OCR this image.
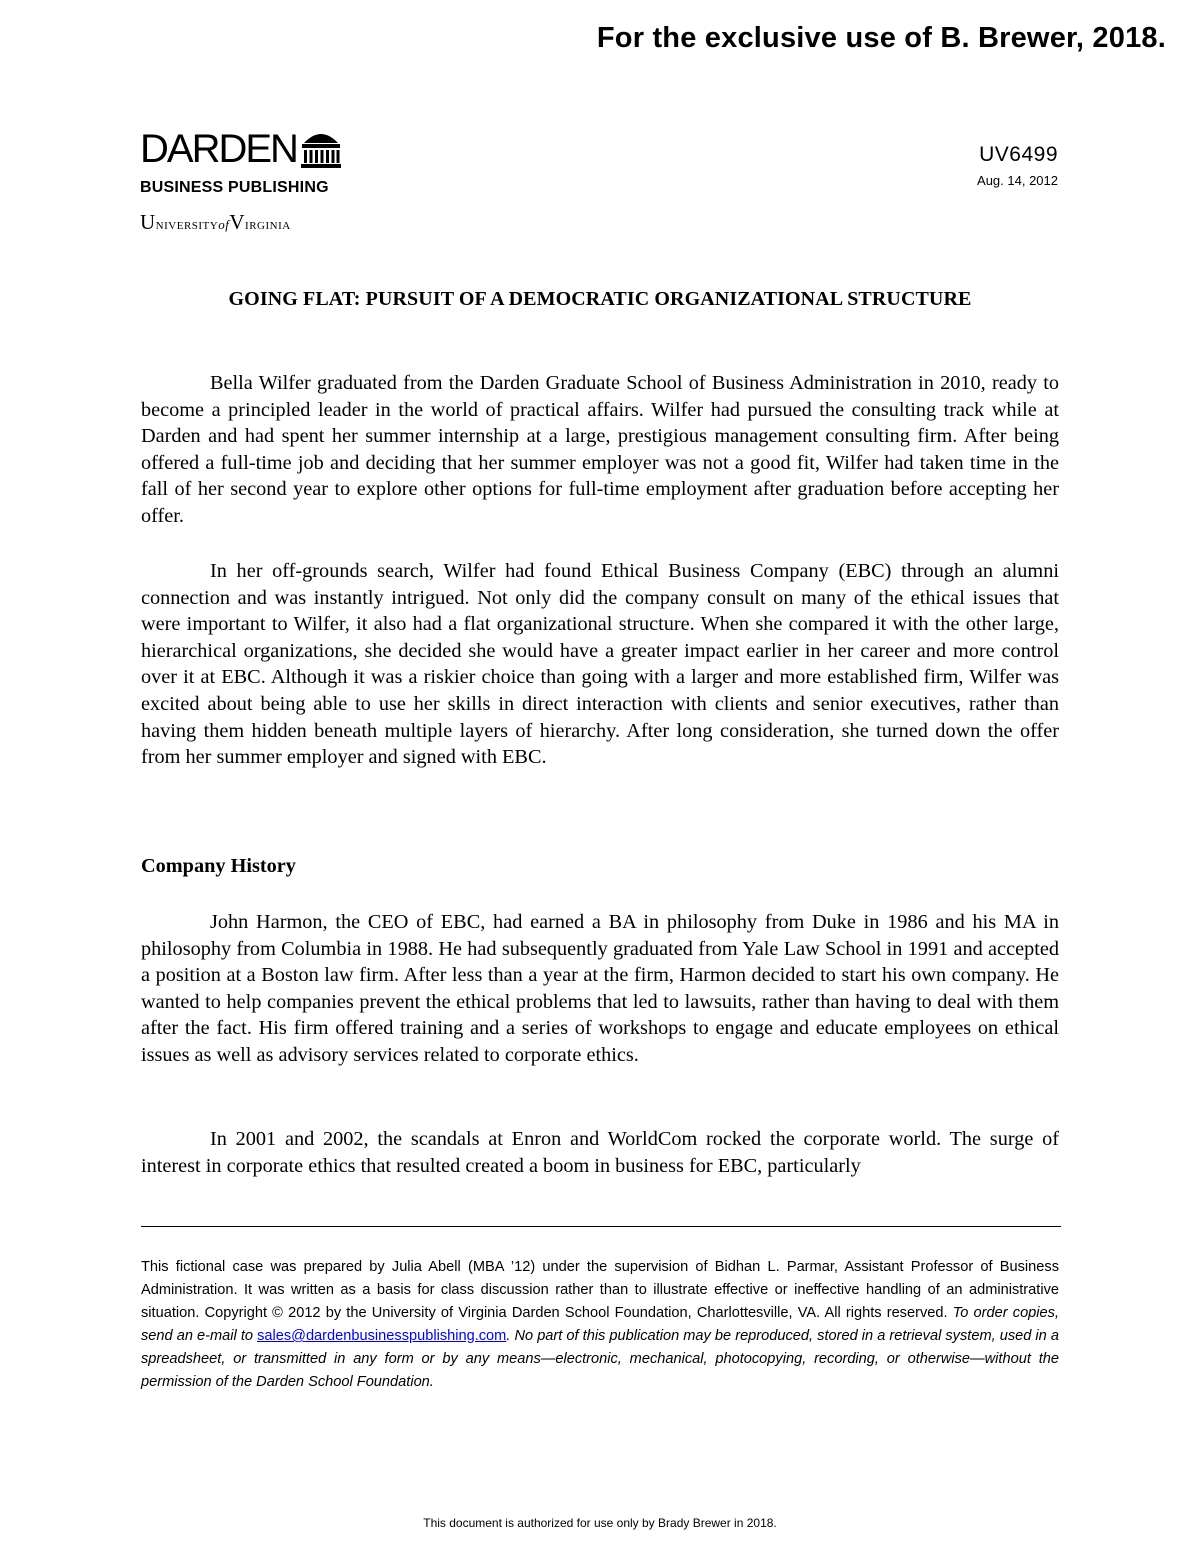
For the exclusive use of B. Brewer, 2018.
DARDEN
BUSINESS PUBLISHING
UniversityofVirginia
UV6499
Aug. 14, 2012
GOING FLAT: PURSUIT OF A DEMOCRATIC ORGANIZATIONAL STRUCTURE

Bella Wilfer graduated from the Darden Graduate School of Business Administration in 2010, ready to become a principled leader in the world of practical affairs. Wilfer had pursued the consulting track while at Darden and had spent her summer internship at a large, prestigious management consulting firm. After being offered a full-time job and deciding that her summer employer was not a good fit, Wilfer had taken time in the fall of her second year to explore other options for full-time employment after graduation before accepting her offer.

In her off-grounds search, Wilfer had found Ethical Business Company (EBC) through an alumni connection and was instantly intrigued. Not only did the company consult on many of the ethical issues that were important to Wilfer, it also had a flat organizational structure. When she compared it with the other large, hierarchical organizations, she decided she would have a greater impact earlier in her career and more control over it at EBC. Although it was a riskier choice than going with a larger and more established firm, Wilfer was excited about being able to use her skills in direct interaction with clients and senior executives, rather than having them hidden beneath multiple layers of hierarchy. After long consideration, she turned down the offer from her summer employer and signed with EBC.

Company History

John Harmon, the CEO of EBC, had earned a BA in philosophy from Duke in 1986 and his MA in philosophy from Columbia in 1988. He had subsequently graduated from Yale Law School in 1991 and accepted a position at a Boston law firm. After less than a year at the firm, Harmon decided to start his own company. He wanted to help companies prevent the ethical problems that led to lawsuits, rather than having to deal with them after the fact. His firm offered training and a series of workshops to engage and educate employees on ethical issues as well as advisory services related to corporate ethics.

In 2001 and 2002, the scandals at Enron and WorldCom rocked the corporate world. The surge of interest in corporate ethics that resulted created a boom in business for EBC, particularly

This fictional case was prepared by Julia Abell (MBA ’12) under the supervision of Bidhan L. Parmar, Assistant Professor of Business Administration. It was written as a basis for class discussion rather than to illustrate effective or ineffective handling of an administrative situation. Copyright © 2012 by the University of Virginia Darden School Foundation, Charlottesville, VA. All rights reserved. To order copies, send an e-mail to sales@dardenbusinesspublishing.com. No part of this publication may be reproduced, stored in a retrieval system, used in a spreadsheet, or transmitted in any form or by any means—electronic, mechanical, photocopying, recording, or otherwise—without the permission of the Darden School Foundation.
This document is authorized for use only by Brady Brewer in 2018.
